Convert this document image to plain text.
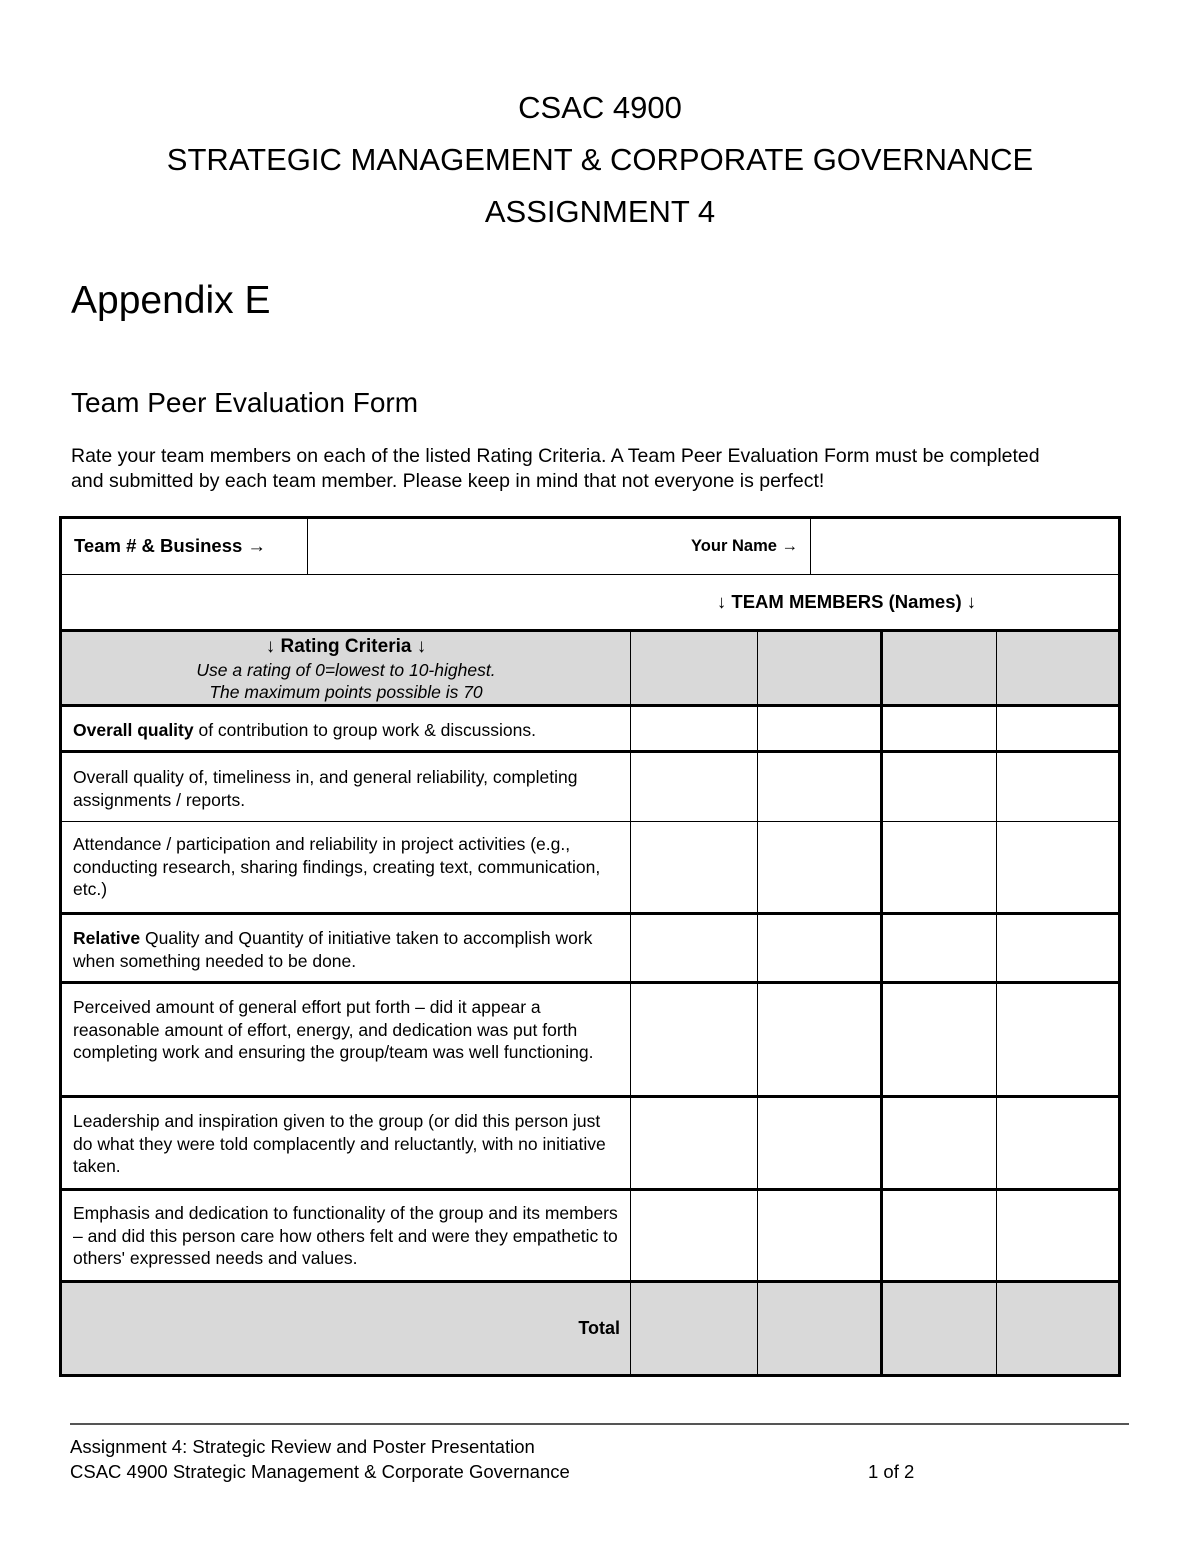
CSAC 4900
STRATEGIC MANAGEMENT & CORPORATE GOVERNANCE
ASSIGNMENT 4
Appendix E
Team Peer Evaluation Form
Rate your team members on each of the listed Rating Criteria. A Team Peer Evaluation Form must be completed and submitted by each team member. Please keep in mind that not everyone is perfect!
Team # & Business → Your Name →				

↓ TEAM MEMBERS (Names) ↓				

↓ Rating Criteria ↓
Use a rating of 0=lowest to 10-highest.
The maximum points possible is 70				

Overall quality of contribution to group work & discussions.				
Overall quality of, timeliness in, and general reliability, completing assignments / reports.				
Attendance / participation and reliability in project activities (e.g., conducting research, sharing findings, creating text, communication, etc.)				
Relative Quality and Quantity of initiative taken to accomplish work when something needed to be done.				
Perceived amount of general effort put forth – did it appear a reasonable amount of effort, energy, and dedication was put forth completing work and ensuring the group/team was well functioning.				
Leadership and inspiration given to the group (or did this person just do what they were told complacently and reluctantly, with no initiative taken.				
Emphasis and dedication to functionality of the group and its members – and did this person care how others felt and were they empathetic to others' expressed needs and values.				
Total				
Assignment 4: Strategic Review and Poster Presentation
CSAC 4900 Strategic Management & Corporate Governance	1 of 2
